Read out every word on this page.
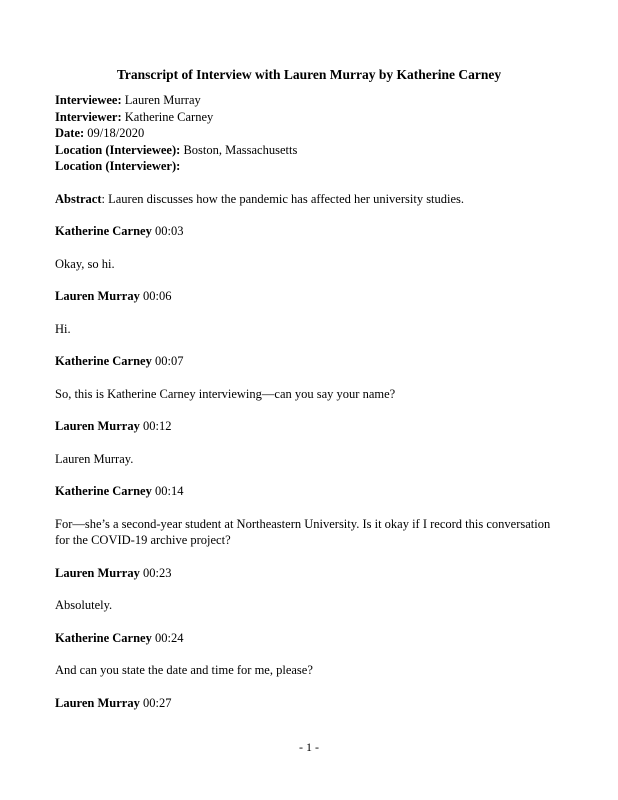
Transcript of Interview with Lauren Murray by Katherine Carney

Interviewee: Lauren Murray

Interviewer: Katherine Carney

Date: 09/18/2020

Location (Interviewee): Boston, Massachusetts

Location (Interviewer):

Abstract: Lauren discusses how the pandemic has affected her university studies.

Katherine Carney 00:03

Okay, so hi.

Lauren Murray 00:06

Hi.

Katherine Carney 00:07

So, this is Katherine Carney interviewing—can you say your name?

Lauren Murray 00:12

Lauren Murray.

Katherine Carney 00:14

For—she’s a second-year student at Northeastern University. Is it okay if I record this conversation for the COVID-19 archive project?

Lauren Murray 00:23

Absolutely.

Katherine Carney 00:24

And can you state the date and time for me, please?

Lauren Murray 00:27

- 1 -
